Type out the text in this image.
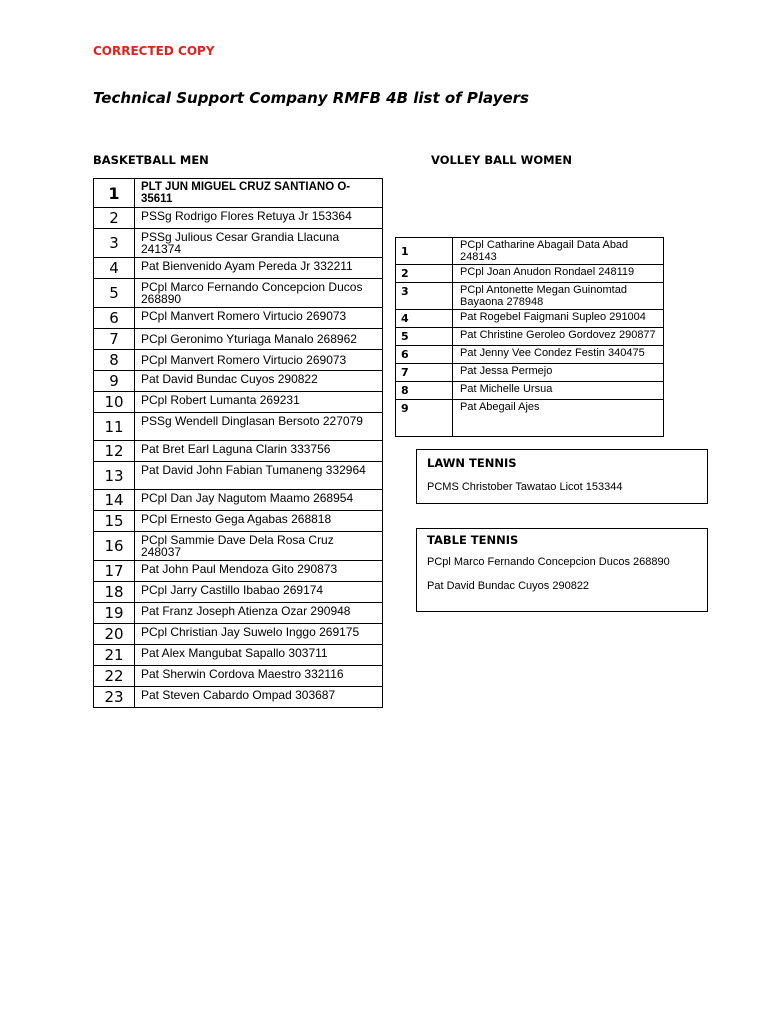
CORRECTED COPY
Technical Support Company RMFB 4B list of Players
BASKETBALL MEN	VOLLEY BALL WOMEN
1	PLT JUN MIGUEL CRUZ SANTIANO O-35611
2	PSSg Rodrigo Flores Retuya Jr 153364
3	PSSg Julious Cesar Grandia Llacuna 241374
4	Pat Bienvenido Ayam Pereda Jr 332211
5	PCpl Marco Fernando Concepcion Ducos 268890
6	PCpl Manvert Romero Virtucio 269073
7	PCpl Geronimo Yturiaga Manalo 268962
8	PCpl Manvert Romero Virtucio 269073
9	Pat David Bundac Cuyos 290822
10	PCpl Robert Lumanta 269231
11	PSSg Wendell Dinglasan Bersoto 227079
12	Pat Bret Earl Laguna Clarin 333756
13	Pat David John Fabian Tumaneng 332964
14	PCpl Dan Jay Nagutom Maamo 268954
15	PCpl Ernesto Gega Agabas 268818
16	PCpl Sammie Dave Dela Rosa Cruz 248037
17	Pat John Paul Mendoza Gito 290873
18	PCpl Jarry Castillo Ibabao 269174
19	Pat Franz Joseph Atienza Ozar 290948
20	PCpl Christian Jay Suwelo Inggo 269175
21	Pat Alex Mangubat Sapallo 303711
22	Pat Sherwin Cordova Maestro 332116
23	Pat Steven Cabardo Ompad 303687
1	PCpl Catharine Abagail Data Abad 248143
2	PCpl Joan Anudon Rondael 248119
3	PCpl Antonette Megan Guinomtad Bayaona 278948
4	Pat Rogebel Faigmani Supleo 291004
5	Pat Christine Geroleo Gordovez 290877
6	Pat Jenny Vee Condez Festin 340475
7	Pat Jessa Permejo
8	Pat Michelle Ursua
9	Pat Abegail Ajes
LAWN TENNIS
PCMS Christober Tawatao Licot 153344
TABLE TENNIS
PCpl Marco Fernando Concepcion Ducos 268890
Pat David Bundac Cuyos 290822
